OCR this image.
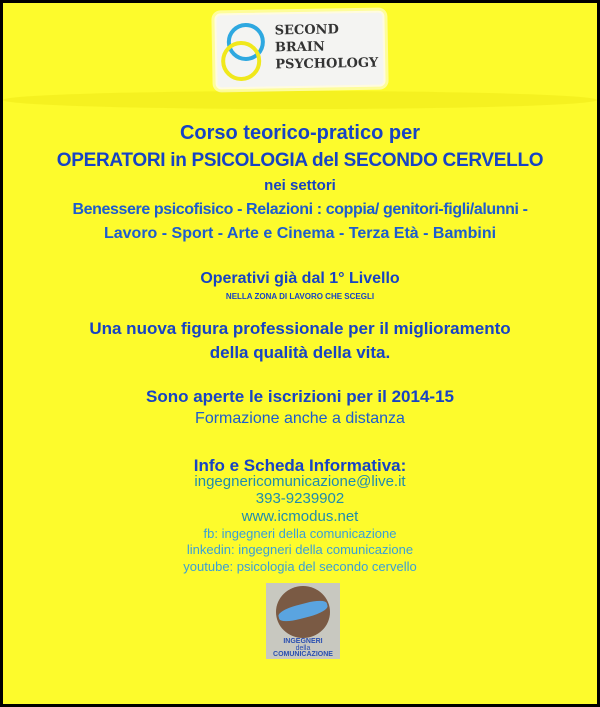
SECOND
BRAIN
PSYCHOLOGY
Corso teorico-pratico per
OPERATORI in PSICOLOGIA del SECONDO CERVELLO
nei settori
Benessere psicofisico - Relazioni : coppia/ genitori-figli/alunni -
Lavoro - Sport - Arte e Cinema - Terza Età - Bambini
Operativi già dal 1° Livello
NELLA ZONA DI LAVORO CHE SCEGLI
Una nuova figura professionale per il miglioramento
della qualità della vita.
Sono aperte le iscrizioni per il 2014-15
Formazione anche a distanza
Info e Scheda Informativa:
ingegnericomunicazione@live.it
393-9239902
www.icmodus.net
fb: ingegneri della comunicazione
linkedin: ingegneri della comunicazione
youtube: psicologia del secondo cervello
INGEGNERI
della
COMUNICAZIONE
